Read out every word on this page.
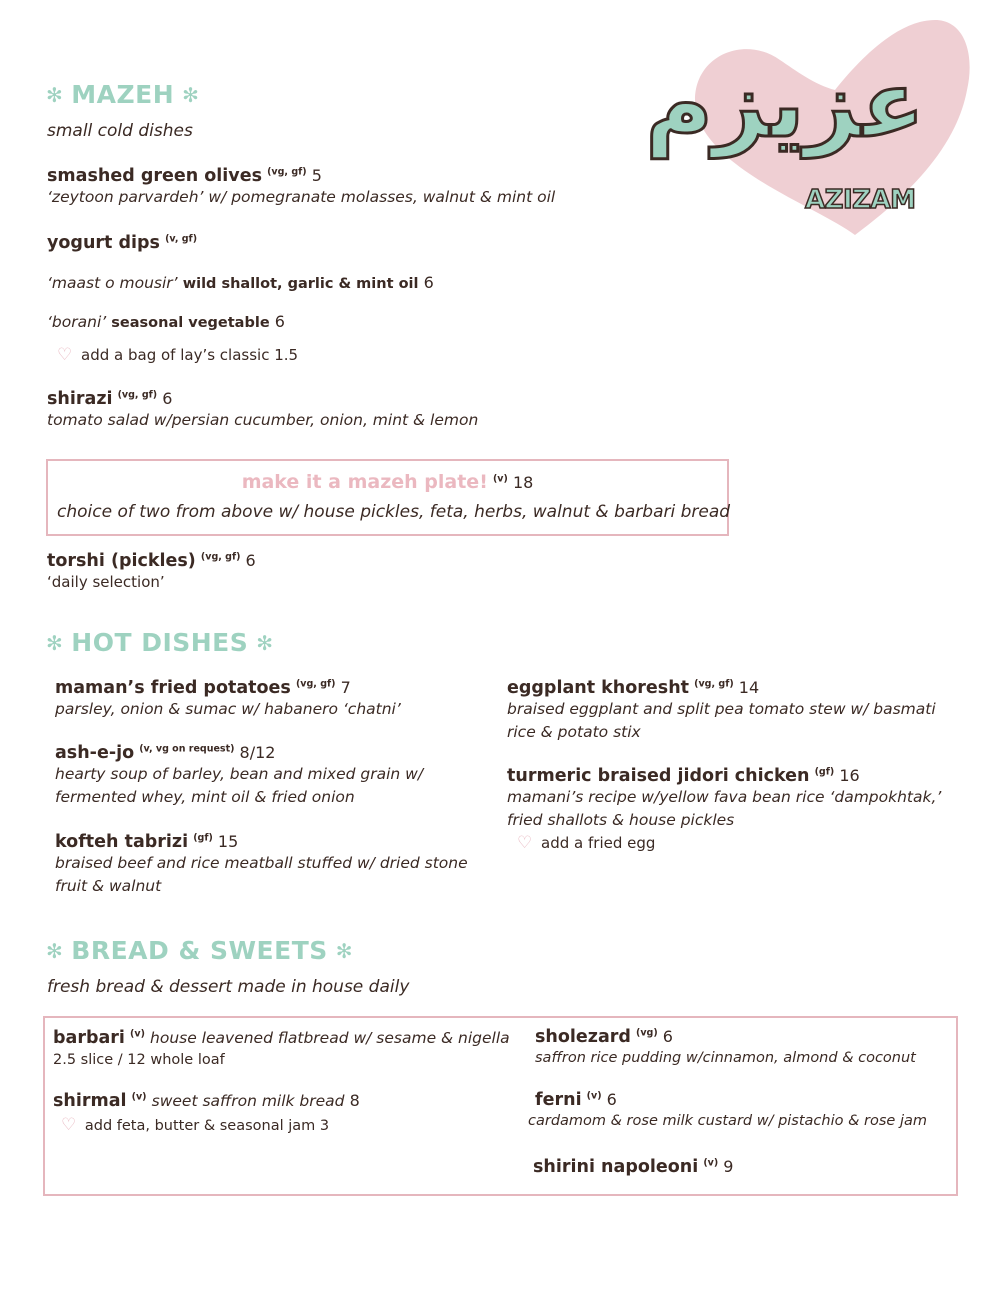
عزیزم
AZIZAM
✻ MAZEH ✻
small cold dishes
smashed green olives $^{(vg, gf)}$ 5
‘zeytoon parvardeh’ w/ pomegranate molasses, walnut & mint oil
yogurt dips $^{(v, gf)}$
‘maast o mousir’ wild shallot, garlic & mint oil 6
‘borani’ seasonal vegetable 6
♡ add a bag of lay’s classic 1.5
shirazi $^{(vg, gf)}$ 6
tomato salad w/persian cucumber, onion, mint & lemon
make it a mazeh plate! $^{(v)}$ 18
choice of two from above w/ house pickles, feta, herbs, walnut & barbari bread
torshi (pickles) $^{(vg, gf)}$ 6
‘daily selection’
✻ HOT DISHES ✻
maman’s fried potatoes $^{(vg, gf)}$ 7
parsley, onion & sumac w/ habanero ‘chatni’
ash-e-jo $^{(v, vg on request)}$ 8/12
hearty soup of barley, bean and mixed grain w/
fermented whey, mint oil & fried onion
kofteh tabrizi $^{(gf)}$ 15
braised beef and rice meatball stuffed w/ dried stone
fruit & walnut
eggplant khoresht $^{(vg, gf)}$ 14
braised eggplant and split pea tomato stew w/ basmati
rice & potato stix
turmeric braised jidori chicken $^{(gf)}$ 16
mamani’s recipe w/yellow fava bean rice ‘dampokhtak,’
fried shallots & house pickles
♡ add a fried egg
✻ BREAD & SWEETS ✻
fresh bread & dessert made in house daily
barbari $^{(v)}$ house leavened flatbread w/ sesame & nigella
2.5 slice / 12 whole loaf
shirmal $^{(v)}$ sweet saffron milk bread 8
♡ add feta, butter & seasonal jam 3
sholezard $^{(vg)}$ 6
saffron rice pudding w/cinnamon, almond & coconut
ferni $^{(v)}$ 6
cardamom & rose milk custard w/ pistachio & rose jam
shirini napoleoni $^{(v)}$ 9
